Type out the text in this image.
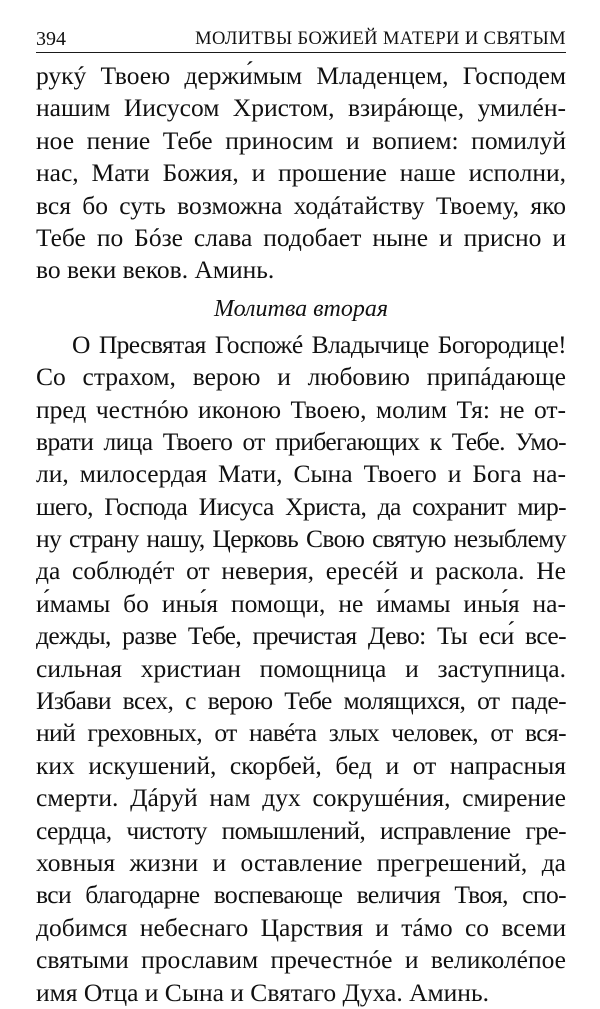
394	МОЛИТВЫ БОЖИЕЙ МАТЕРИ И СВЯТЫМ
рукý Твоею держи́мым Младенцем, Господем
нашим Иисусом Христом, взирáюще, умилéн-
ное пение Тебе приносим и вопием: помилуй
нас, Мати Божия, и прошение наше исполни,
вся бо суть возможна ходáтайству Твоему, яко
Тебе по Бóзе слава подобает ныне и присно и
во веки веков. Аминь.
Молитва вторая
О Пресвятая Госпожé Владычице Богородице!
Со страхом, верою и любовию припáдающе
пред честнóю иконою Твоею, молим Тя: не от-
врати лица Твоего от прибегающих к Тебе. Умо-
ли, милосердая Мати, Сына Твоего и Бога на-
шего, Господа Иисуса Христа, да сохранит мир-
ну страну нашу, Церковь Свою святую незыблему
да соблюдéт от неверия, ересéй и раскола. Не
и́мамы бо ины́я помощи, не и́мамы ины́я на-
дежды, разве Тебе, пречистая Дево: Ты еси́ все-
сильная христиан помощница и заступница.
Избави всех, с верою Тебе молящихся, от паде-
ний греховных, от навéта злых человек, от вся-
ких искушений, скорбей, бед и от напрасныя
смерти. Дáруй нам дух сокрушéния, смирение
сердца, чистоту помышлений, исправление гре-
ховныя жизни и оставление прегрешений, да
вси благодарне воспевающе величия Твоя, спо-
добимся небеснаго Царствия и тáмо со всеми
святыми прославим пречестнóе и великолéпое
имя Отца и Сына и Святаго Духа. Аминь.
